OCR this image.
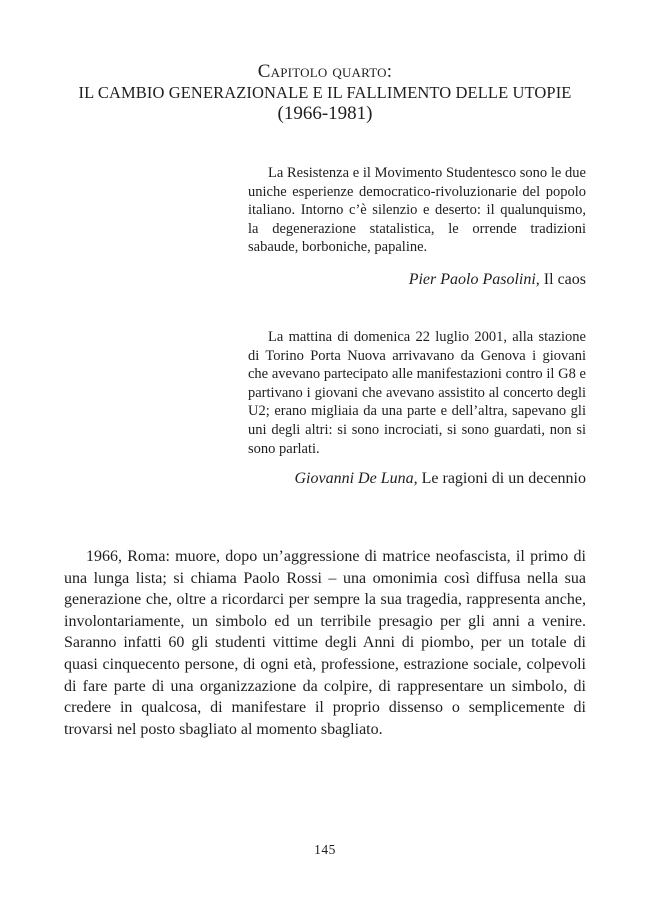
Capitolo quarto:
IL CAMBIO GENERAZIONALE E IL FALLIMENTO DELLE UTOPIE
(1966-1981)

La Resistenza e il Movimento Studentesco sono le due uniche esperienze democratico-rivoluzionarie del popolo italiano. Intorno c’è silenzio e deserto: il qualunquismo, la degenerazione statalistica, le orrende tradizioni sabaude, borboniche, papaline.

Pier Paolo Pasolini, Il caos

La mattina di domenica 22 luglio 2001, alla stazione di Torino Porta Nuova arrivavano da Genova i giovani che avevano partecipato alle manifestazioni contro il G8 e partivano i giovani che avevano assistito al concerto degli U2; erano migliaia da una parte e dell’altra, sapevano gli uni degli altri: si sono incrociati, si sono guardati, non si sono parlati.

Giovanni De Luna, Le ragioni di un decennio

1966, Roma: muore, dopo un’aggressione di matrice neofascista, il primo di una lunga lista; si chiama Paolo Rossi – una omonimia così diffusa nella sua generazione che, oltre a ricordarci per sempre la sua tragedia, rappresenta anche, involontariamente, un simbolo ed un terribile presagio per gli anni a venire. Saranno infatti 60 gli studenti vittime degli Anni di piombo, per un totale di quasi cinquecento persone, di ogni età, professione, estrazione sociale, colpevoli di fare parte di una organizzazione da colpire, di rappresentare un simbolo, di credere in qualcosa, di manifestare il proprio dissenso o semplicemente di trovarsi nel posto sbagliato al momento sbagliato.

145
